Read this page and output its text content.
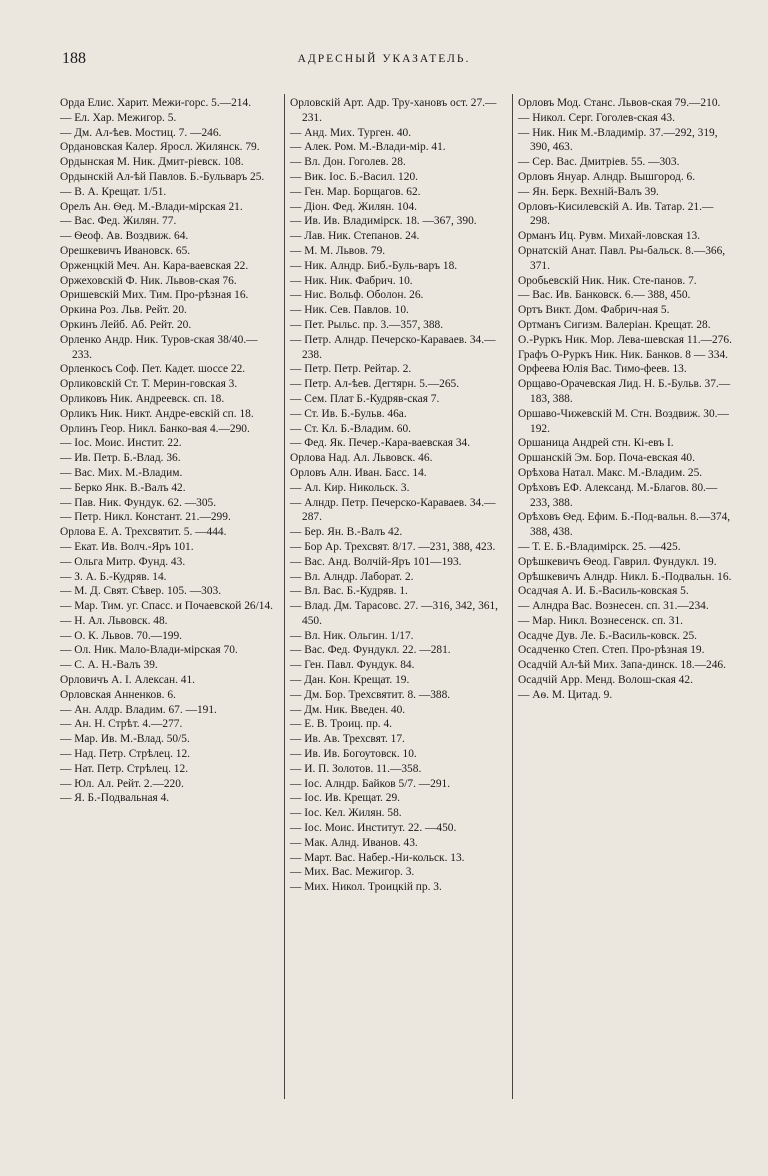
188	АДРЕСНЫЙ УКАЗАТЕЛЬ.
Орда Елис. Харит. Межи-горс. 5.—214.
— Ел. Хар. Межигор. 5.
— Дм. Ал-ѣев. Мостиц. 7. —246.
Ордановская Калер. Яросл. Жилянск. 79.
Ордынская М. Ник. Дмит-ріевск. 108.
Ордынскій Ал-ѣй Павлов. Б.-Бульваръ 25.
— В. А. Крещат. 1/51.
Орелъ Ан. Ѳед. М.-Влади-мірская 21.
— Вас. Фед. Жилян. 77.
— Ѳеоф. Ав. Воздвиж. 64.
Орешкевичъ Ивановск. 65.
Орженцкій Меч. Ан. Кара-ваевская 22.
Оржеховскій Ф. Ник. Львов-ская 76.
Оришевскій Мих. Тим. Про-рѣзная 16.
Оркина Роз. Льв. Рейт. 20.
Оркинъ Лейб. Аб. Рейт. 20.
Орленко Андр. Ник. Туров-ская 38/40.—233.
Орленкосъ Соф. Пет. Кадет. шоссе 22.
Орликовскій Ст. Т. Мерин-говская 3.
Орликовъ Ник. Андреевск. сп. 18.
Орликъ Ник. Никт. Андре-евскій сп. 18.
Орлинъ Геор. Никл. Банко-вая 4.—290.
— Іос. Моис. Инстит. 22.
— Ив. Петр. Б.-Влад. 36.
— Вас. Мих. М.-Владим.
— Берко Янк. В.-Валъ 42.
— Пав. Ник. Фундук. 62. —305.
— Петр. Никл. Констант. 21.—299.
Орлова Е. А. Трехсвятит. 5. —444.
— Екат. Ив. Волч.-Яръ 101.
— Ольга Митр. Фунд. 43.
— З. А. Б.-Кудряв. 14.
— М. Д. Свят. Сѣвер. 105. —303.
— Мар. Тим. уг. Спасс. и Почаевской 26/14.
— Н. Ал. Львовск. 48.
— О. К. Львов. 70.—199.
— Ол. Ник. Мало-Влади-мірская 70.
— С. А. Н.-Валъ 39.
Орловичъ А. І. Алексан. 41.
Орловская Анненков. 6.
— Ан. Алдр. Владим. 67. —191.
— Ан. Н. Стрѣт. 4.—277.
— Мар. Ив. М.-Влад. 50/5.
— Над. Петр. Стрѣлец. 12.
— Нат. Петр. Стрѣлец. 12.
— Юл. Ал. Рейт. 2.—220.
— Я. Б.-Подвальная 4.
Орловскій Арт. Адр. Тру-хановъ ост. 27.—231.
— Анд. Мих. Турген. 40.
— Алек. Ром. М.-Влади-міp. 41.
— Вл. Дон. Гоголев. 28.
— Вик. Іос. Б.-Васил. 120.
— Ген. Мар. Борщагов. 62.
— Діон. Фед. Жилян. 104.
— Ив. Ив. Владимірск. 18. —367, 390.
— Лав. Ник. Степанов. 24.
— М. М. Львов. 79.
— Ник. Алндр. Биб.-Буль-варъ 18.
— Ник. Ник. Фабрич. 10.
— Нис. Вольф. Оболон. 26.
— Ник. Сев. Павлов. 10.
— Пет. Рыльс. пр. 3.—357, 388.
— Петр. Алндр. Печерско-Караваев. 34.—238.
— Петр. Петр. Рейтар. 2.
— Петр. Ал-ѣев. Дегтярн. 5.—265.
— Сем. Плат Б.-Кудряв-ская 7.
— Ст. Ив. Б.-Бульв. 46а.
— Ст. Кл. Б.-Владим. 60.
— Фед. Як. Печер.-Кара-ваевская 34.
Орлова Над. Ал. Львовск. 46.
Орловъ Алн. Иван. Басс. 14.
— Ал. Кир. Никольск. 3.
— Алндр. Петр. Печерско-Караваев. 34.—287.
— Бер. Ян. В.-Валъ 42.
— Бор Ар. Трехсвят. 8/17. —231, 388, 423.
— Вас. Анд. Волчій-Яръ 101—193.
— Вл. Алндр. Лаборат. 2.
— Вл. Вас. Б.-Кудряв. 1.
— Влад. Дм. Тарасовс. 27. —316, 342, 361, 450.
— Вл. Ник. Ольгин. 1/17.
— Вас. Фед. Фундукл. 22. —281.
— Ген. Павл. Фундук. 84.
— Дан. Кон. Крещат. 19.
— Дм. Бор. Трехсвятит. 8. —388.
— Дм. Ник. Введен. 40.
— Е. В. Троиц. пр. 4.
— Ив. Ав. Трехсвят. 17.
— Ив. Ив. Богоутовск. 10.
— И. П. Золотов. 11.—358.
— Іос. Алндр. Байков 5/7. —291.
— Іос. Ив. Крещат. 29.
— Іос. Кел. Жилян. 58.
— Іос. Моис. Институт. 22. —450.
— Мак. Алнд. Иванов. 43.
— Март. Вас. Набер.-Ни-кольск. 13.
— Мих. Вас. Межигор. 3.
— Мих. Никол. Троицкій пр. 3.
Орловъ Мод. Станс. Львов-ская 79.—210.
— Никол. Серг. Гоголев-ская 43.
— Ник. Ник М.-Владимір. 37.—292, 319, 390, 463.
— Сер. Вас. Дмитрiев. 55. —303.
Орловъ Януар. Алндр. Вышгород. 6.
— Ян. Берк. Вехній-Валъ 39.
Орловъ-Кисилевскій А. Ив. Татар. 21.—298.
Орманъ Иц. Рувм. Михай-ловская 13.
Орнатскій Анат. Павл. Ры-бальск. 8.—366, 371.
Оробьевскій Ник. Ник. Сте-панов. 7.
— Вас. Ив. Банковск. 6.— 388, 450.
Ортъ Викт. Дом. Фабрич-ная 5.
Ортманъ Сигизм. Валеріан. Крещат. 28.
О.-Руркъ Ник. Мор. Лева-шевская 11.—276.
Графъ О-Руркъ Ник. Ник. Банков. 8 — 334.
Орфеева Юлія Вас. Тимо-феев. 13.
Орщаво-Орачевская Лид. Н. Б.-Бульв. 37.—183, 388.
Оршаво-Чижевскій М. Стн. Воздвиж. 30.—192.
Оршаница Андрей стн. Кі-евъ I.
Оршанскій Эм. Бор. Поча-евская 40.
Орѣхова Натал. Макс. М.-Владим. 25.
Орѣховъ ЕФ. Александ. М.-Благов. 80.—233, 388.
Орѣховъ Ѳед. Ефим. Б.-Под-вальн. 8.—374, 388, 438.
— Т. Е. Б.-Владимірск. 25. —425.
Орѣшкевичъ Ѳеод. Гаврил. Фундукл. 19.
Орѣшкевичъ Алндр. Никл. Б.-Подвальн. 16.
Осадчая А. И. Б.-Василь-ковская 5.
— Алндра Вас. Вознесен. сп. 31.—234.
— Мар. Никл. Вознесенск. сп. 31.
Осадче Дув. Ле. Б.-Василь-ковск. 25.
Осадченко Степ. Степ. Про-рѣзная 19.
Осадчій Ал-ѣй Мих. Запа-динск. 18.—246.
Осадчій Арр. Менд. Волош-ская 42.
— Аѳ. М. Цитад. 9.
